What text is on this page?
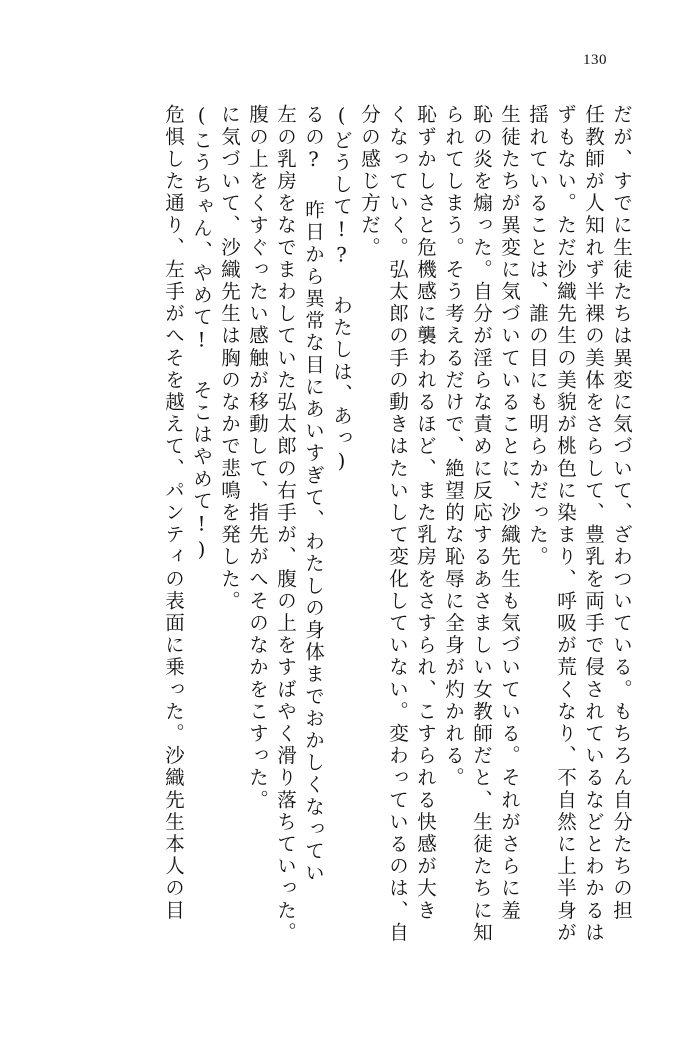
130
だが、すでに生徒たちは異変に気づいて、ざわついている。もちろん自分たちの担
任教師が人知れず半裸の美体をさらして、豊乳を両手で侵されているなどとわかるは
ずもない。ただ沙織先生の美貌が桃色に染まり、呼吸が荒くなり、不自然に上半身が
揺れていることは、誰の目にも明らかだった。
生徒たちが異変に気づいていることに、沙織先生も気づいている。それがさらに羞
恥の炎を煽った。自分が淫らな責めに反応するあさましい女教師だと、生徒たちに知
られてしまう。そう考えるだけで、絶望的な恥辱に全身が灼かれる。
恥ずかしさと危機感に襲われるほど、また乳房をさすられ、こすられる快感が大き
くなっていく。弘太郎の手の動きはたいして変化していない。変わっているのは、自
分の感じ方だ。
(どうして!? わたしは、あっ)
るの? 昨日から異常な目にあいすぎて、わたしの身体までおかしくなってい
左の乳房をなでまわしていた弘太郎の右手が、腹の上をすばやく滑り落ちていった。
腹の上をくすぐったい感触が移動して、指先がへそのなかをこすった。
に気づいて、沙織先生は胸のなかで悲鳴を発した。
(こうちゃん、やめて! そこはやめて!)
危惧した通り、左手がへそを越えて、パンティの表面に乗った。沙織先生本人の目
